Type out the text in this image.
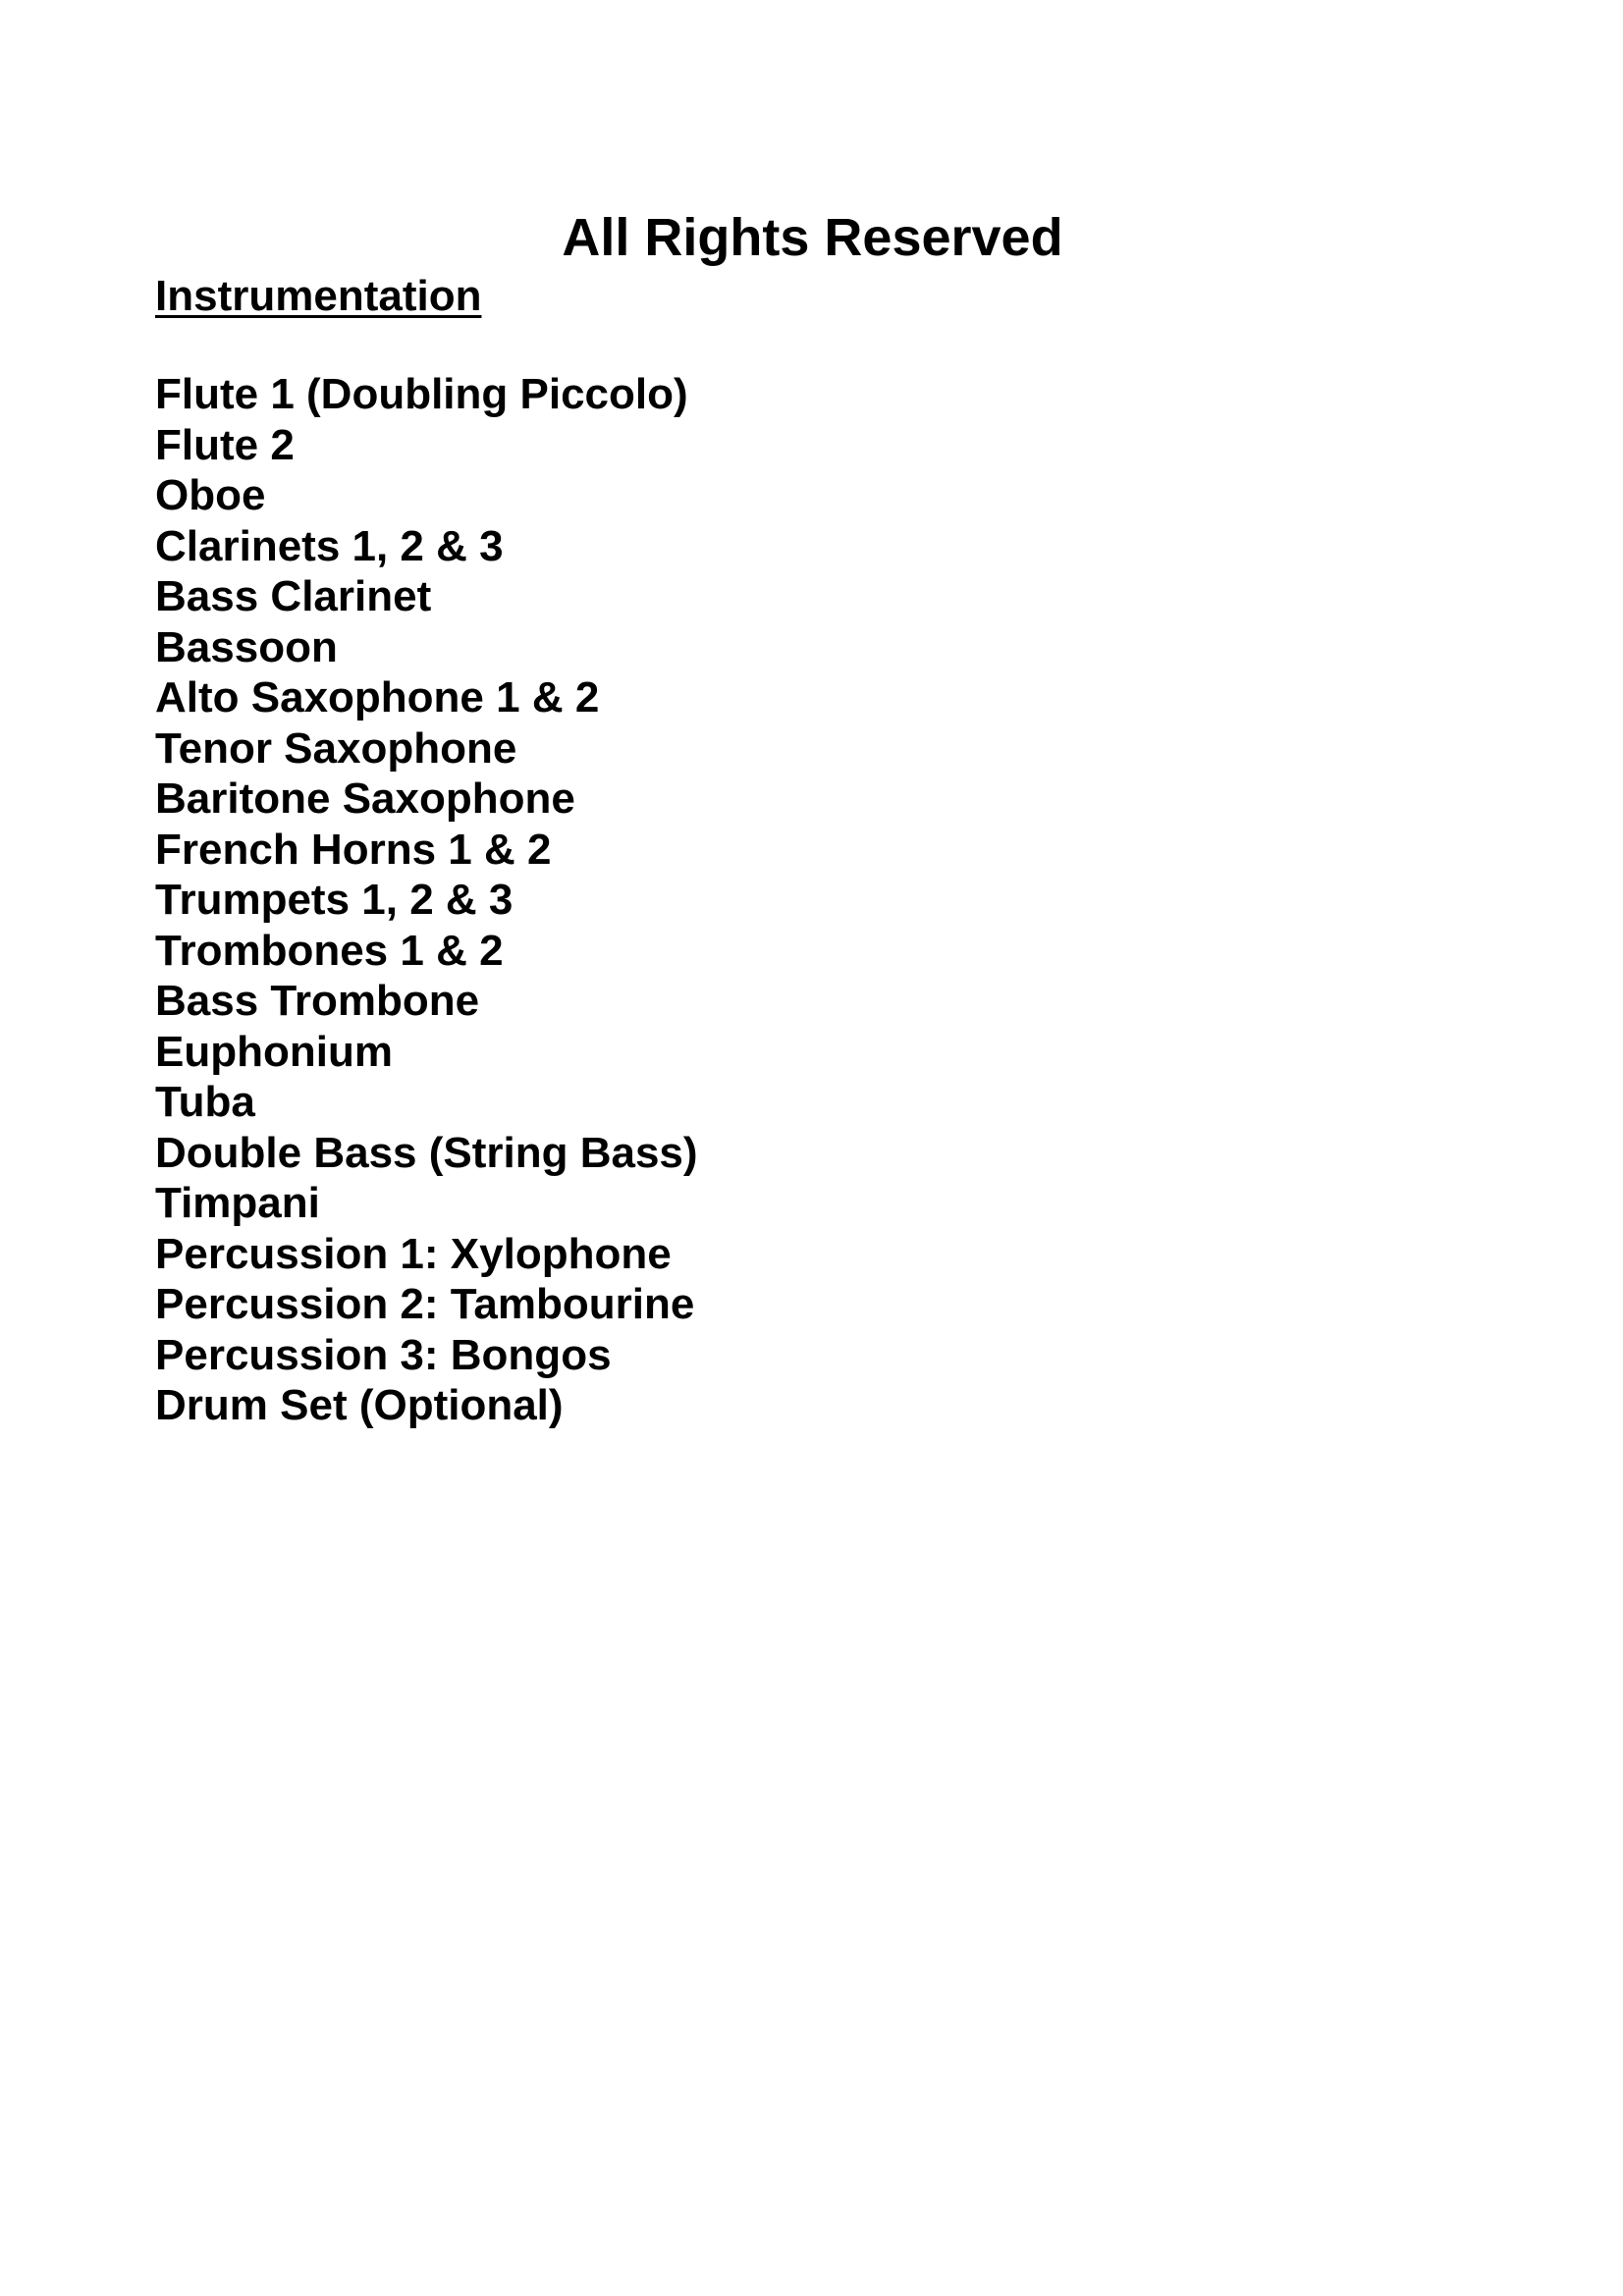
All Rights Reserved
Instrumentation
Flute 1 (Doubling Piccolo)
Flute 2
Oboe
Clarinets 1, 2 & 3
Bass Clarinet
Bassoon
Alto Saxophone 1 & 2
Tenor Saxophone
Baritone Saxophone
French Horns 1 & 2
Trumpets 1, 2 & 3
Trombones 1 & 2
Bass Trombone
Euphonium
Tuba
Double Bass (String Bass)
Timpani
Percussion 1: Xylophone
Percussion 2: Tambourine
Percussion 3: Bongos
Drum Set (Optional)
